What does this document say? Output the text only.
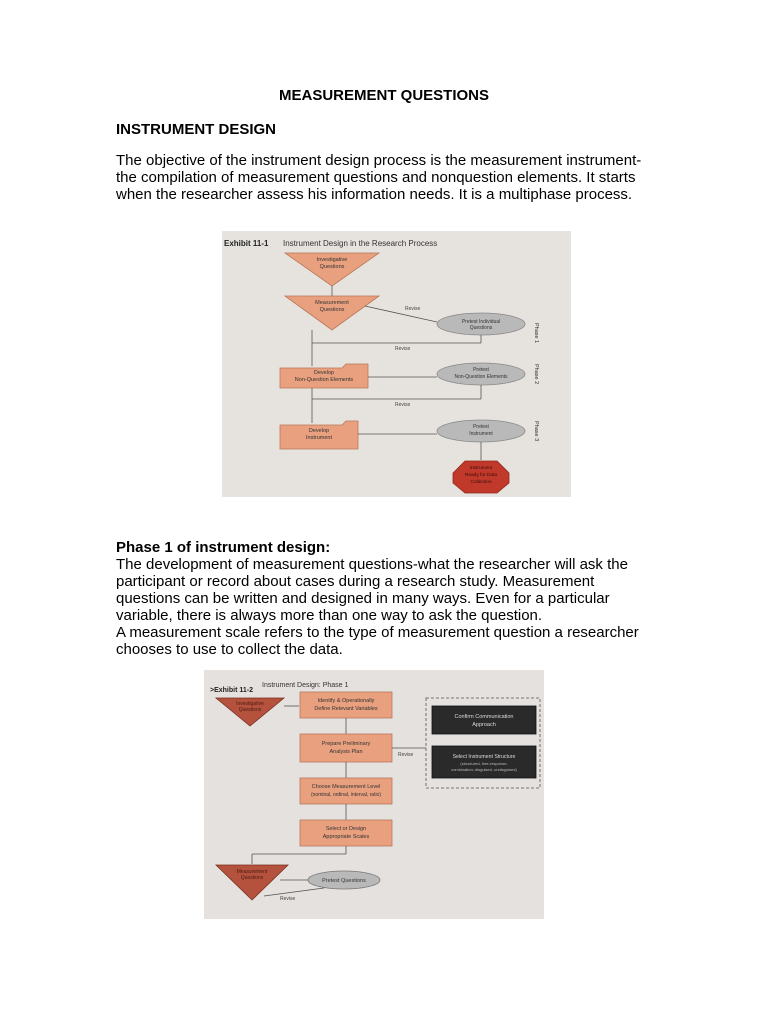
MEASUREMENT QUESTIONS
INSTRUMENT DESIGN

The objective of the instrument design process is the measurement instrument-the compilation of measurement questions and nonquestion elements. It starts when the researcher assess his information needs. It is a multiphase process.

Exhibit 11-1 Instrument Design in the Research Process
Investigative
Questions
Measurement
Questions	Revise
Pretest Individual
Questions	Phase 1
Revise
Develop
Non-Question Elements
Pretest
Non-Question Elements	Phase 2
Revise
Develop
Instrument
Pretest
Instrument	Phase 3
Instrument
Ready for Data
Collection
Phase 1 of instrument design:

The development of measurement questions-what the researcher will ask the participant or record about cases during a research study. Measurement questions can be written and designed in many ways. Even for a particular variable, there is always more than one way to ask the question.

A measurement scale refers to the type of measurement question a researcher chooses to use to collect the data.

>Exhibit 11-2
Instrument Design: Phase 1
Investigative
Questions
Identify & Operationally
Define Relevant Variables
Prepare Preliminary
Analysis Plan	Revise
Confirm Communication
Approach
Select Instrument Structure
(structured, free-response,
combination; disguised, undisguised)
Choose Measurement Level
(nominal, ordinal, interval, ratio)
Select or Design
Appropriate Scales
Measurement
Questions	Pretest Questions
Revise
